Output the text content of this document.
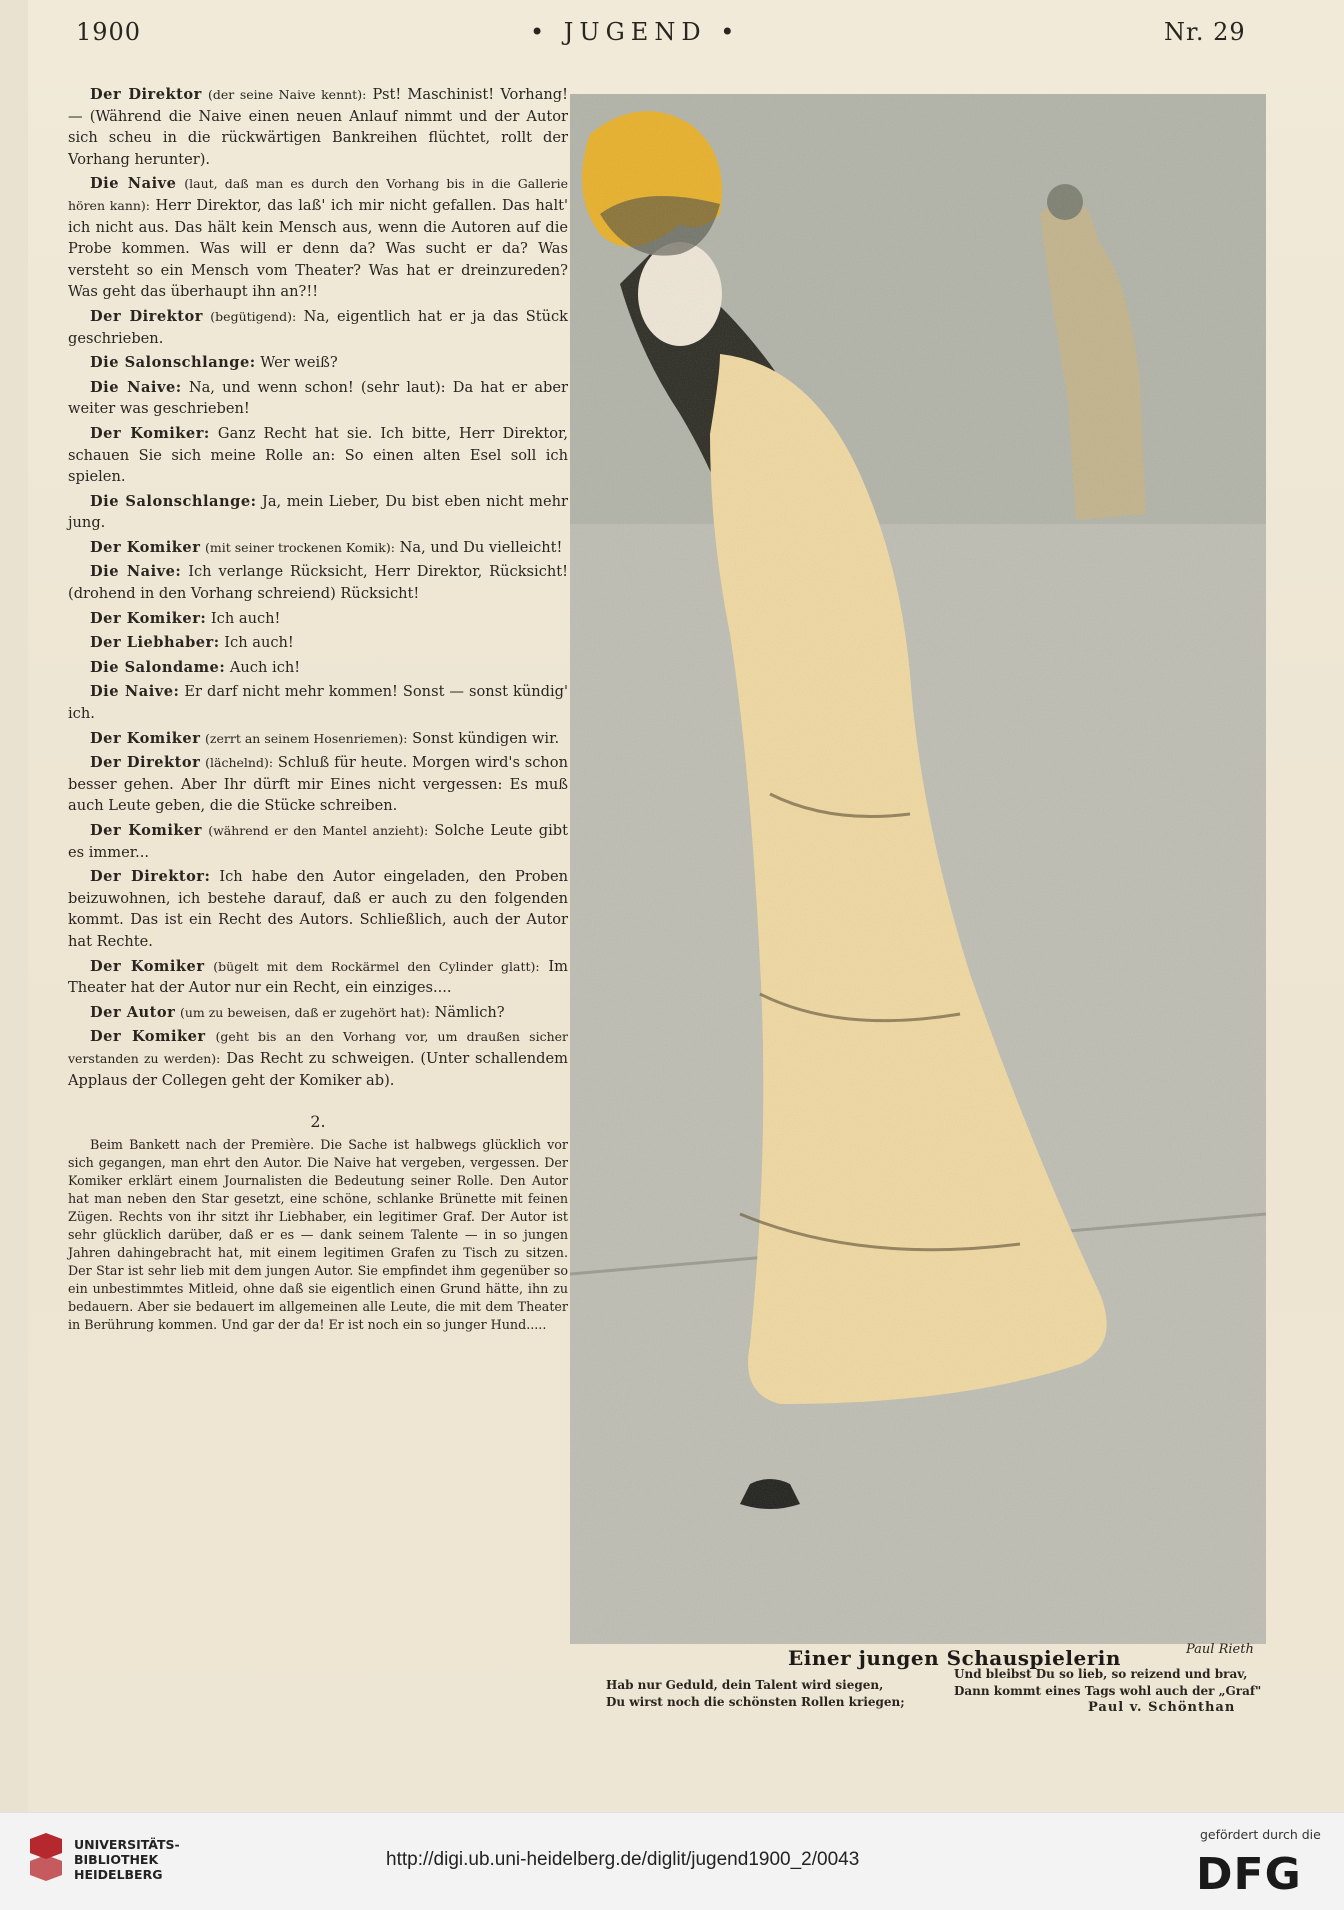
1900	• JUGEND •	Nr. 29

Der Direktor (der seine Naive kennt): Pst! Maschinist! Vorhang! — (Während die Naive einen neuen Anlauf nimmt und der Autor sich scheu in die rückwärtigen Bankreihen flüchtet, rollt der Vorhang herunter).

Die Naive (laut, daß man es durch den Vorhang bis in die Gallerie hören kann): Herr Direktor, das laß' ich mir nicht gefallen. Das halt' ich nicht aus. Das hält kein Mensch aus, wenn die Autoren auf die Probe kommen. Was will er denn da? Was sucht er da? Was versteht so ein Mensch vom Theater? Was hat er dreinzureden? Was geht das überhaupt ihn an?!!

Der Direktor (begütigend): Na, eigentlich hat er ja das Stück geschrieben.

Die Salonschlange: Wer weiß?

Die Naive: Na, und wenn schon! (sehr laut): Da hat er aber weiter was geschrieben!

Der Komiker: Ganz Recht hat sie. Ich bitte, Herr Direktor, schauen Sie sich meine Rolle an: So einen alten Esel soll ich spielen.

Die Salonschlange: Ja, mein Lieber, Du bist eben nicht mehr jung.

Der Komiker (mit seiner trockenen Komik): Na, und Du vielleicht!

Die Naive: Ich verlange Rücksicht, Herr Direktor, Rücksicht! (drohend in den Vorhang schreiend) Rücksicht!

Der Komiker: Ich auch!

Der Liebhaber: Ich auch!

Die Salondame: Auch ich!

Die Naive: Er darf nicht mehr kommen! Sonst — sonst kündig' ich.

Der Komiker (zerrt an seinem Hosenriemen): Sonst kündigen wir.

Der Direktor (lächelnd): Schluß für heute. Morgen wird's schon besser gehen. Aber Ihr dürft mir Eines nicht vergessen: Es muß auch Leute geben, die die Stücke schreiben.

Der Komiker (während er den Mantel anzieht): Solche Leute gibt es immer...

Der Direktor: Ich habe den Autor eingeladen, den Proben beizuwohnen, ich bestehe darauf, daß er auch zu den folgenden kommt. Das ist ein Recht des Autors. Schließlich, auch der Autor hat Rechte.

Der Komiker (bügelt mit dem Rockärmel den Cylinder glatt): Im Theater hat der Autor nur ein Recht, ein einziges....

Der Autor (um zu beweisen, daß er zugehört hat): Nämlich?

Der Komiker (geht bis an den Vorhang vor, um draußen sicher verstanden zu werden): Das Recht zu schweigen. (Unter schallendem Applaus der Collegen geht der Komiker ab).

2.

Beim Bankett nach der Première. Die Sache ist halbwegs glücklich vor sich gegangen, man ehrt den Autor. Die Naive hat vergeben, vergessen. Der Komiker erklärt einem Journalisten die Bedeutung seiner Rolle. Den Autor hat man neben den Star gesetzt, eine schöne, schlanke Brünette mit feinen Zügen. Rechts von ihr sitzt ihr Liebhaber, ein legitimer Graf. Der Autor ist sehr glücklich darüber, daß er es — dank seinem Talente — in so jungen Jahren dahingebracht hat, mit einem legitimen Grafen zu Tisch zu sitzen. Der Star ist sehr lieb mit dem jungen Autor. Sie empfindet ihm gegenüber so ein unbestimmtes Mitleid, ohne daß sie eigentlich einen Grund hätte, ihn zu bedauern. Aber sie bedauert im allgemeinen alle Leute, die mit dem Theater in Berührung kommen. Und gar der da! Er ist noch ein so junger Hund.....

Einer jungen Schauspielerin	Paul Rieth
Hab nur Geduld, dein Talent wird siegen,
Du wirst noch die schönsten Rollen kriegen;
Und bleibst Du so lieb, so reizend und brav,
Dann kommt eines Tags wohl auch der „Graf"
Paul v. Schönthan
UNIVERSITÄTS-
BIBLIOTHEK
HEIDELBERG
http://digi.ub.uni-heidelberg.de/diglit/jugend1900_2/0043
gefördert durch die
DFG
